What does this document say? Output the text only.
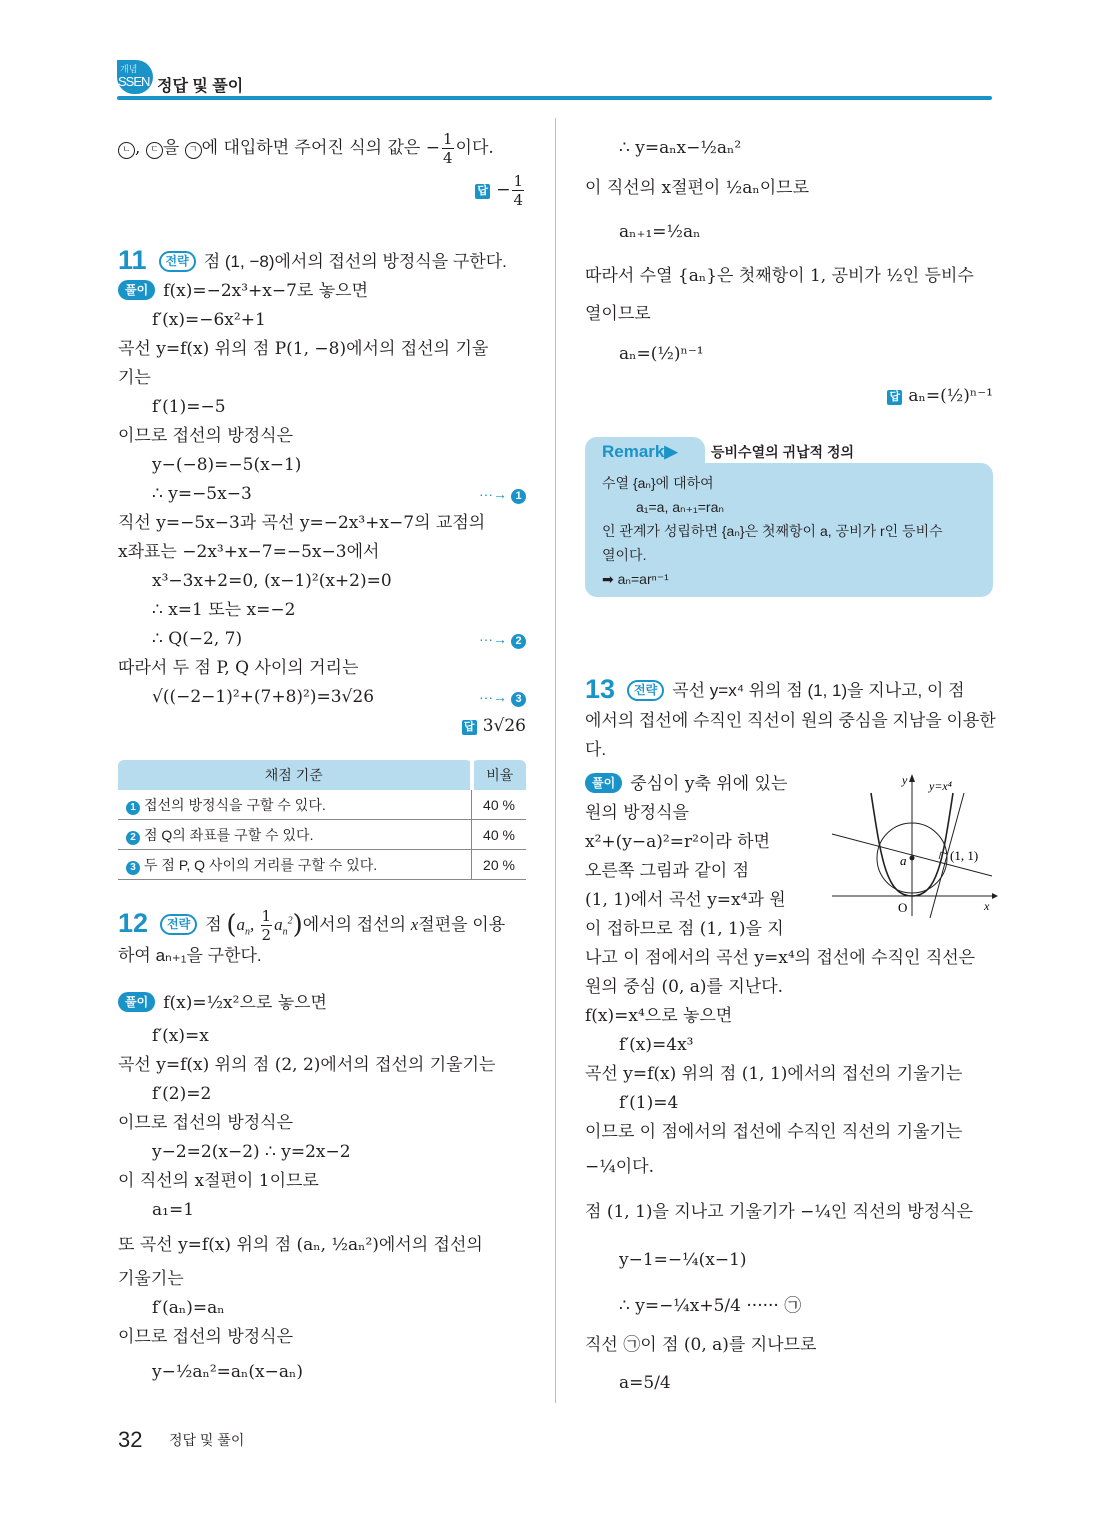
개념
SSEN 정답 및 풀이
ㄴ , ㄷ 을 ㄱ 에 대입하면 주어진 식의 값은 − $\frac{1}{4}$ 이다.
답 − $\frac{1}{4}$
11 전략 점 (1, −8)에서의 접선의 방정식을 구한다.
풀이 f(x)=−2x³+x−7로 놓으면
f′(x)=−6x²+1
곡선 y=f(x) 위의 점 P(1, −8)에서의 접선의 기울
기는
f′(1)=−5
이므로 접선의 방정식은
y−(−8)=−5(x−1)
∴ y=−5x−3	···→ 1
직선 y=−5x−3과 곡선 y=−2x³+x−7의 교점의
x좌표는 −2x³+x−7=−5x−3에서
x³−3x+2=0, (x−1)²(x+2)=0
∴ x=1 또는 x=−2
∴ Q(−2, 7)	···→ 2
따라서 두 점 P, Q 사이의 거리는
√((−2−1)²+(7+8)²)=3√26	···→ 3
답 3√26
채점 기준	비율
1 접선의 방정식을 구할 수 있다.	40 %
2 점 Q의 좌표를 구할 수 있다.	40 %
3 두 점 P, Q 사이의 거리를 구할 수 있다.	20 %
12 전략 점 ($a_n$, $\frac{1}{2} a_n^2$)에서의 접선의 x절편을 이용
하여 aₙ₊₁을 구한다.
풀이 f(x)=½x²으로 놓으면
f′(x)=x
곡선 y=f(x) 위의 점 (2, 2)에서의 접선의 기울기는
f′(2)=2
이므로 접선의 방정식은
y−2=2(x−2) ∴ y=2x−2
이 직선의 x절편이 1이므로
a₁=1
또 곡선 y=f(x) 위의 점 (aₙ, ½aₙ²)에서의 접선의
기울기는
f′(aₙ)=aₙ
이므로 접선의 방정식은
y−½aₙ²=aₙ(x−aₙ)
∴ y=aₙx−½aₙ²
이 직선의 x절편이 ½aₙ이므로
aₙ₊₁=½aₙ
따라서 수열 {aₙ}은 첫째항이 1, 공비가 ½인 등비수
열이므로
aₙ=(½)ⁿ⁻¹
답 aₙ=(½)ⁿ⁻¹
Remark▶ 등비수열의 귀납적 정의
수열 {aₙ}에 대하여
a₁=a, aₙ₊₁=raₙ
인 관계가 성립하면 {aₙ}은 첫째항이 a, 공비가 r인 등비수
열이다.
➡ aₙ=arⁿ⁻¹
13 전략 곡선 y=x⁴ 위의 점 (1, 1)을 지나고, 이 점
에서의 접선에 수직인 직선이 원의 중심을 지남을 이용한
다.
풀이 중심이 y축 위에 있는
원의 방정식을
x²+(y−a)²=r²이라 하면
오른쪽 그림과 같이 점
(1, 1)에서 곡선 y=x⁴과 원
이 접하므로 점 (1, 1)을 지
나고 이 점에서의 곡선 y=x⁴의 접선에 수직인 직선은
원의 중심 (0, a)를 지난다.
f(x)=x⁴으로 놓으면
f′(x)=4x³
곡선 y=f(x) 위의 점 (1, 1)에서의 접선의 기울기는
f′(1)=4
이므로 이 점에서의 접선에 수직인 직선의 기울기는
−¼이다.
점 (1, 1)을 지나고 기울기가 −¼인 직선의 방정식은
y−1=−¼(x−1)
∴ y=−¼x+5/4 ······ ㉠
직선 ㉠이 점 (0, a)를 지나므로
a=5/4
y y=x⁴
(1, 1)
a
O	x
32 정답 및 풀이
